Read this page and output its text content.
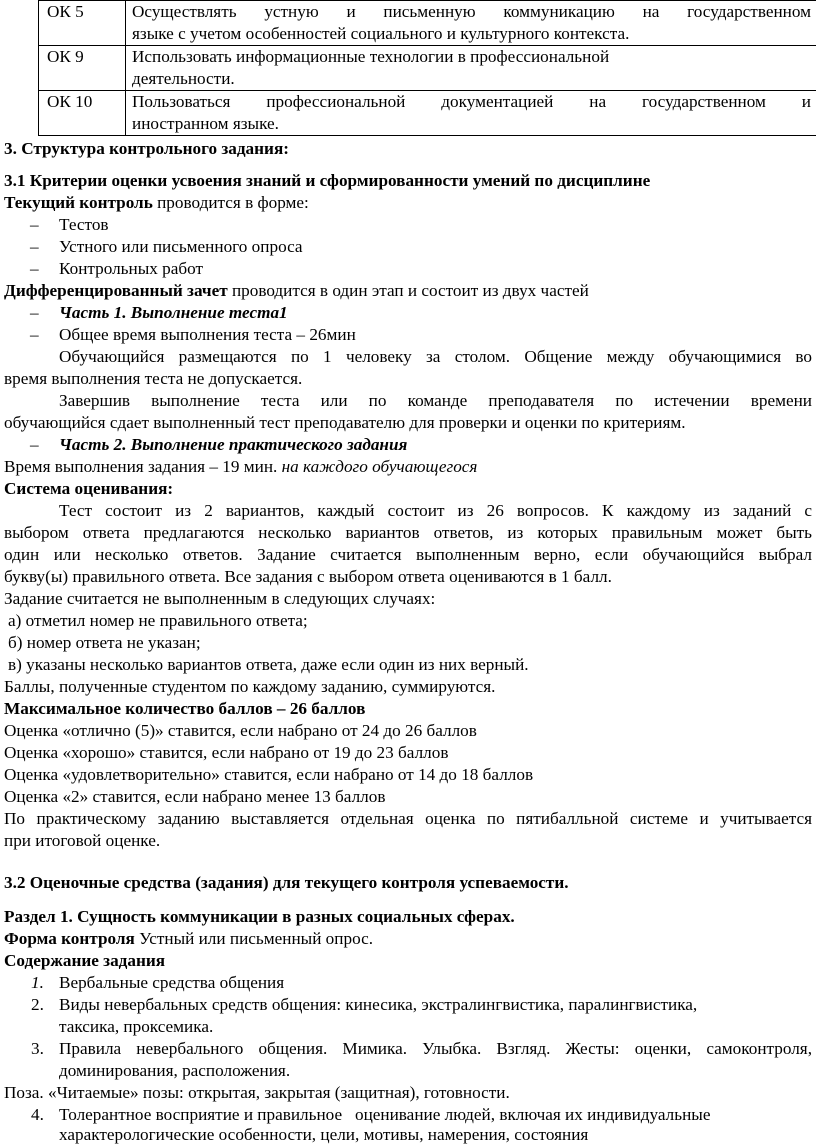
ОК 5	Осуществлять устную и письменную коммуникацию на государственном
языке с учетом особенностей социального и культурного контекста.

ОК 9	Использовать информационные технологии в профессиональной
деятельности.

ОК 10	Пользоваться профессиональной документацией на государственном и
иностранном языке.
3. Структура контрольного задания:
3.1 Критерии оценки усвоения знаний и сформированности умений по дисциплине
Текущий контроль проводится в форме:
– Тестов
– Устного или письменного опроса
– Контрольных работ
Дифференцированный зачет проводится в один этап и состоит из двух частей
– Часть 1. Выполнение теста1
– Общее время выполнения теста – 26мин
Обучающийся размещаются по 1 человеку за столом. Общение между обучающимися во
время выполнения теста не допускается.
Завершив выполнение теста или по команде преподавателя по истечении времени
обучающийся сдает выполненный тест преподавателю для проверки и оценки по критериям.
– Часть 2. Выполнение практического задания
Время выполнения задания – 19 мин. на каждого обучающегося
Система оценивания:
Тест состоит из 2 вариантов, каждый состоит из 26 вопросов. К каждому из заданий с
выбором ответа предлагаются несколько вариантов ответов, из которых правильным может быть
один или несколько ответов. Задание считается выполненным верно, если обучающийся выбрал
букву(ы) правильного ответа. Все задания с выбором ответа оцениваются в 1 балл.
Задание считается не выполненным в следующих случаях:
а) отметил номер не правильного ответа;
б) номер ответа не указан;
в) указаны несколько вариантов ответа, даже если один из них верный.
Баллы, полученные студентом по каждому заданию, суммируются.
Максимальное количество баллов – 26 баллов
Оценка «отлично (5)» ставится, если набрано от 24 до 26 баллов
Оценка «хорошо» ставится, если набрано от 19 до 23 баллов
Оценка «удовлетворительно» ставится, если набрано от 14 до 18 баллов
Оценка «2» ставится, если набрано менее 13 баллов
По практическому заданию выставляется отдельная оценка по пятибалльной системе и учитывается
при итоговой оценке.
3.2 Оценочные средства (задания) для текущего контроля успеваемости.
Раздел 1. Сущность коммуникации в разных социальных сферах.
Форма контроля Устный или письменный опрос.
Содержание задания
1. Вербальные средства общения
2. Виды невербальных средств общения: кинесика, экстралингвистика, паралингвистика,
таксика, проксемика.
3. Правила невербального общения. Мимика. Улыбка. Взгляд. Жесты: оценки, самоконтроля,
доминирования, расположения.
Поза. «Читаемые» позы: открытая, закрытая (защитная), готовности.
4. Толерантное восприятие и правильное   оценивание людей, включая их индивидуальные
характерологические особенности, цели, мотивы, намерения, состояния
